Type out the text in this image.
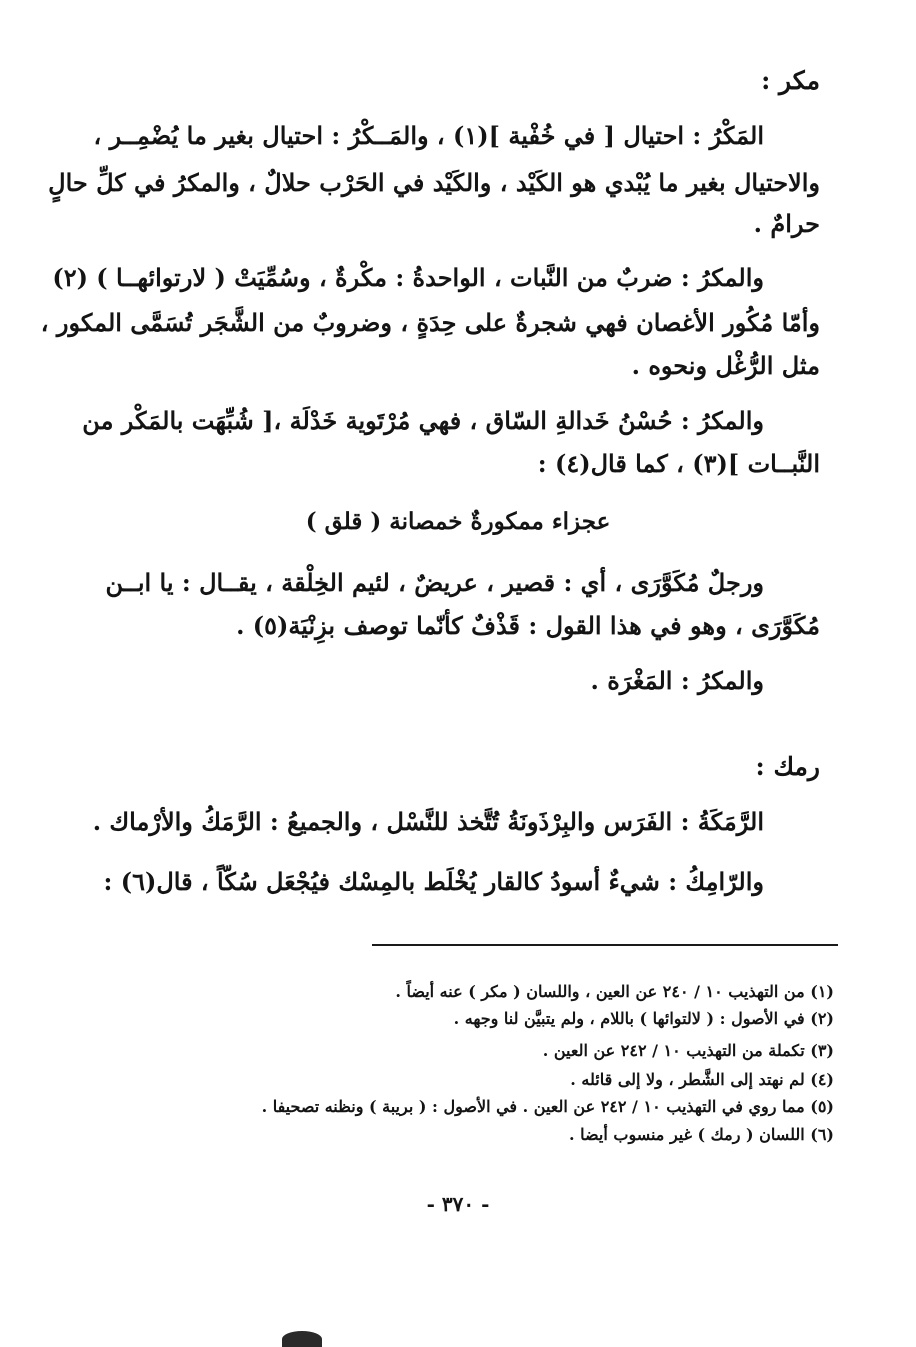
مكر :
المَكْرُ : احتيال [ في خُفْية ](١) ، والمَــكْرُ : احتيال بغير ما يُضْمِــر ،
والاحتيال بغير ما يُبْدي هو الكَيْد ، والكَيْد في الحَرْب حلالٌ ، والمكرُ في كلِّ حالٍ
حرامٌ .
والمكرُ : ضربٌ من النَّبات ، الواحدةُ : مكْرةٌ ، وسُمِّيَتْ ( لارتوائهــا ) (٢)
وأمّا مُكُور الأغصان فهي شجرةٌ على حِدَةٍ ، وضروبٌ من الشَّجَر تُسَمَّى المكور ،
مثل الرُّغْل ونحوه .
والمكرُ : حُسْنُ خَدالةِ السّاق ، فهي مُرْتَوية خَدْلَة ،[ شُبِّهَت بالمَكْر من
النَّبــات ](٣) ، كما قال(٤) :
عجزاء ممكورةٌ خمصانة ( قلق )
ورجلٌ مُكَوَّرَى ، أي : قصير ، عريضٌ ، لئيم الخِلْقة ، يقــال : يا ابــن
مُكَوَّرَى ، وهو في هذا القول : قَذْفٌ كأنّما توصف بزِنْيَة(٥) .
والمكرُ : المَغْرَة .
رمك :
الرَّمَكَةُ : الفَرَس والبِرْذَونَةُ تُتَّخذ للنَّسْل ، والجميعُ : الرَّمَكُ والأرْماك .
والرّامِكُ : شيءٌ أسودُ كالقار يُخْلَط بالمِسْك فيُجْعَل سُكّاً ، قال(٦) :
(١) من التهذيب ١٠ / ٢٤٠ عن العين ، واللسان ( مكر ) عنه أيضاً .
(٢) في الأصول : ( لالتوائها ) باللام ، ولم يتبيَّن لنا وجهه .
(٣) تكملة من التهذيب ١٠ / ٢٤٢ عن العين .
(٤) لم نهتد إلى الشَّطر ، ولا إلى قائله .
(٥) مما روي في التهذيب ١٠ / ٢٤٢ عن العين . في الأصول : ( بريبة ) ونظنه تصحيفا .
(٦) اللسان ( رمك ) غير منسوب أيضا .
- ٣٧٠ -
